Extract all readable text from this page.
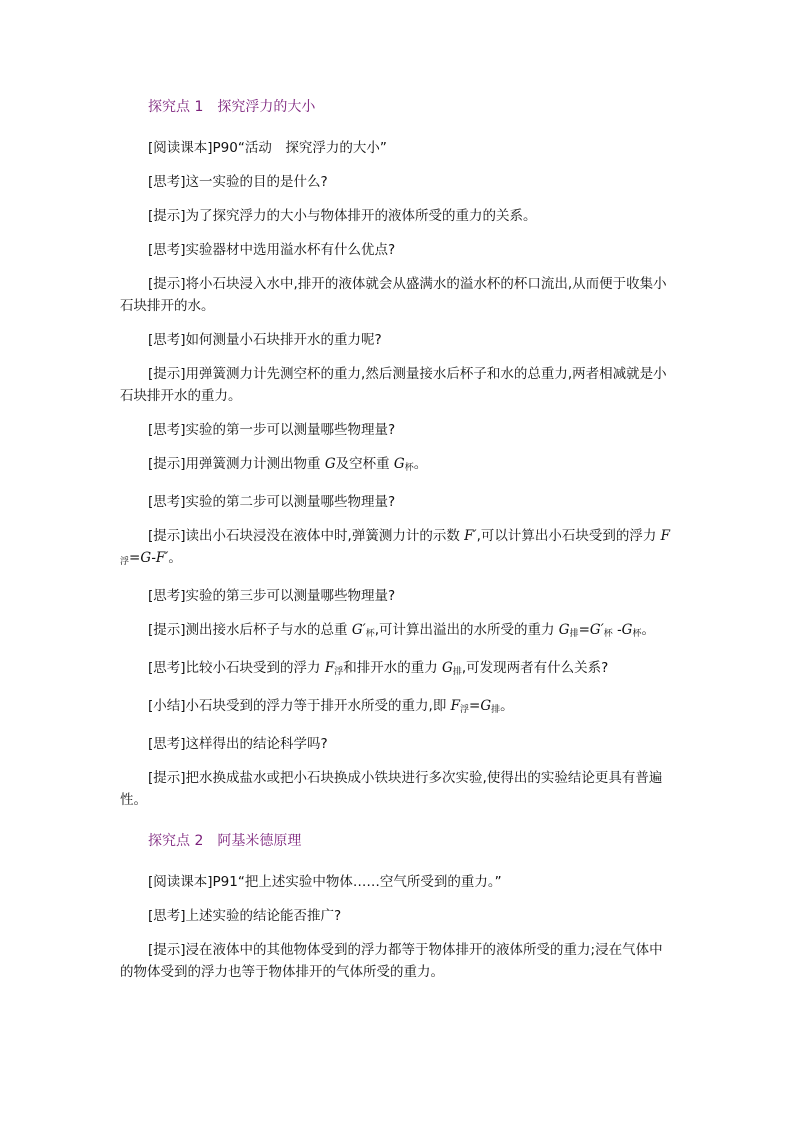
探究点 1　探究浮力的大小

[阅读课本]P90“活动　探究浮力的大小”

[思考]这一实验的目的是什么?

[提示]为了探究浮力的大小与物体排开的液体所受的重力的关系。

[思考]实验器材中选用溢水杯有什么优点?

[提示]将小石块浸入水中,排开的液体就会从盛满水的溢水杯的杯口流出,从而便于收集小石块排开的水。

[思考]如何测量小石块排开水的重力呢?

[提示]用弹簧测力计先测空杯的重力,然后测量接水后杯子和水的总重力,两者相减就是小石块排开水的重力。

[思考]实验的第一步可以测量哪些物理量?

[提示]用弹簧测力计测出物重 G及空杯重 $G_杯$。

[思考]实验的第二步可以测量哪些物理量?

[提示]读出小石块浸没在液体中时,弹簧测力计的示数 F′,可以计算出小石块受到的浮力 $F_浮=G-F'$。

[思考]实验的第三步可以测量哪些物理量?

[提示]测出接水后杯子与水的总重 $G'_杯$,可计算出溢出的水所受的重力 $G_排=G'_杯$ $-G_杯$。

[思考]比较小石块受到的浮力 $F_浮$和排开水的重力 $G_排$,可发现两者有什么关系?

[小结]小石块受到的浮力等于排开水所受的重力,即 $F_浮=G_排$。

[思考]这样得出的结论科学吗?

[提示]把水换成盐水或把小石块换成小铁块进行多次实验,使得出的实验结论更具有普遍性。

探究点 2　阿基米德原理

[阅读课本]P91“把上述实验中物体……空气所受到的重力。”

[思考]上述实验的结论能否推广?

[提示]浸在液体中的其他物体受到的浮力都等于物体排开的液体所受的重力;浸在气体中的物体受到的浮力也等于物体排开的气体所受的重力。
